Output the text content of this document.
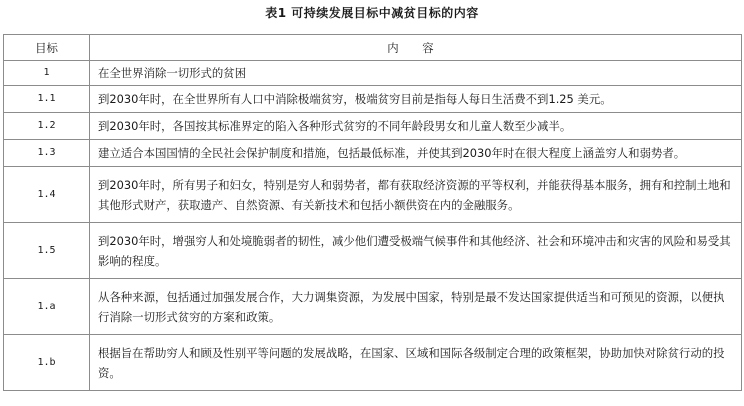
表1 可持续发展目标中减贫目标的内容
目标	内 容
1	在全世界消除一切形式的贫困
1.1	到2030年时，在全世界所有人口中消除极端贫穷，极端贫穷目前是指每人每日生活费不到1.25 美元。
1.2	到2030年时，各国按其标准界定的陷入各种形式贫穷的不同年龄段男女和儿童人数至少减半。
1.3	建立适合本国国情的全民社会保护制度和措施，包括最低标准，并使其到2030年时在很大程度上涵盖穷人和弱势者。
1.4	到2030年时，所有男子和妇女，特别是穷人和弱势者，都有获取经济资源的平等权利，并能获得基本服务，拥有和控制土地和其他形式财产，获取遗产、自然资源、有关新技术和包括小额供资在内的金融服务。
1.5	到2030年时，增强穷人和处境脆弱者的韧性，减少他们遭受极端气候事件和其他经济、社会和环境冲击和灾害的风险和易受其影响的程度。
1.a	从各种来源，包括通过加强发展合作，大力调集资源，为发展中国家，特别是最不发达国家提供适当和可预见的资源，以便执行消除一切形式贫穷的方案和政策。
1.b	根据旨在帮助穷人和顾及性别平等问题的发展战略，在国家、区域和国际各级制定合理的政策框架，协助加快对除贫行动的投资。
